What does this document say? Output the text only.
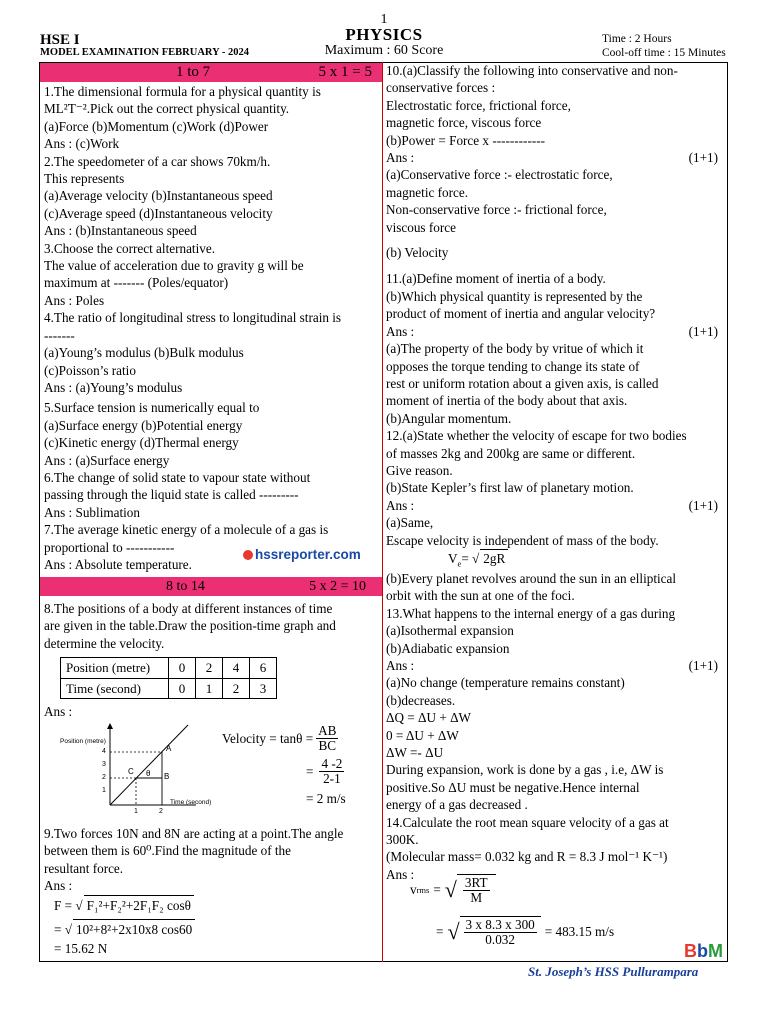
1
PHYSICS
Maximum : 60 Score
HSE I
MODEL EXAMINATION FEBRUARY - 2024
Time : 2 Hours
Cool-off time : 15 Minutes
1 to 7	5 x 1 = 5
8 to 14	5 x 2 = 10

1.The dimensional formula for a physical quantity is

ML²T⁻².Pick out the correct physical quantity.

(a)Force (b)Momentum (c)Work (d)Power

Ans : (c)Work

2.The speedometer of a car shows 70km/h.

This represents

(a)Average velocity (b)Instantaneous speed

(c)Average speed (d)Instantaneous velocity

Ans : (b)Instantaneous speed

3.Choose the correct alternative.

The value of acceleration due to gravity g will be

maximum at ------- (Poles/equator)

Ans : Poles

4.The ratio of longitudinal stress to longitudinal strain is

-------

(a)Young’s modulus (b)Bulk modulus

(c)Poisson’s ratio

Ans : (a)Young’s modulus

5.Surface tension is numerically equal to

(a)Surface energy (b)Potential energy

(c)Kinetic energy (d)Thermal energy

Ans : (a)Surface energy

6.The change of solid state to vapour state without

passing through the liquid state is called ---------

Ans : Sublimation

7.The average kinetic energy of a molecule of a gas is

proportional to -----------

Ans : Absolute temperature.

hssreporter.com

8.The positions of a body at different instances of time

are given in the table.Draw the position-time graph and

determine the velocity.

Position (metre)	0	2	4	6
Time (second)	0	1	2	3

Ans :

Position (metre)
1
2
3
4
1	2
A
B
C θ
Time (second)
Velocity = $\tan\theta = \frac{AB}{BC}$
= $\frac{4 -2}{2-1}$
= 2 m/s

9.Two forces 10N and 8N are acting at a point.The angle

between them is 60⁰.Find the magnitude of the

resultant force.

Ans :

F = √ F₁²+F₂²+2F₁F₂ cosθ
= √ 10²+8²+2x10x8 cos60
= 15.62 N

10.(a)Classify the following into conservative and non-

conservative forces :

Electrostatic force, frictional force,

magnetic force, viscous force

(b)Power = Force x ------------

Ans :	(1+1)

(a)Conservative force :- electrostatic force,

magnetic force.

Non-conservative force :- frictional force,

viscous force

(b) Velocity

11.(a)Define moment of inertia of a body.

(b)Which physical quantity is represented by the

product of moment of inertia and angular velocity?

Ans :	(1+1)

(a)The property of the body by vritue of which it

opposes the torque tending to change its state of

rest or uniform rotation about a given axis, is called

moment of inertia of the body about that axis.

(b)Angular momentum.

12.(a)State whether the velocity of escape for two bodies

of masses 2kg and 200kg are same or different.

Give reason.

(b)State Kepler’s first law of planetary motion.

Ans :	(1+1)

(a)Same,

Escape velocity is independent of mass of the body.

$V_e=$ √ 2gR

(b)Every planet revolves around the sun in an elliptical

orbit with the sun at one of the foci.

13.What happens to the internal energy of a gas during

(a)Isothermal expansion

(b)Adiabatic expansion

Ans :	(1+1)

(a)No change (temperature remains constant)

(b)decreases.

ΔQ = ΔU + ΔW

0 = ΔU + ΔW

ΔW =- ΔU

During expansion, work is done by a gas , i.e, ΔW is

positive.So ΔU must be negative.Hence internal

energy of a gas decreased .

14.Calculate the root mean square velocity of a gas at

300K.

(Molecular mass= 0.032 kg and R = 8.3 J mol⁻¹ K⁻¹)

Ans :

v rms = √ $\frac{3RT}{M}$
= √ $\frac{3 x 8.3 x 300}{0.032} = 483.15$ m/s
BbM
St. Joseph’s HSS Pullurampara
